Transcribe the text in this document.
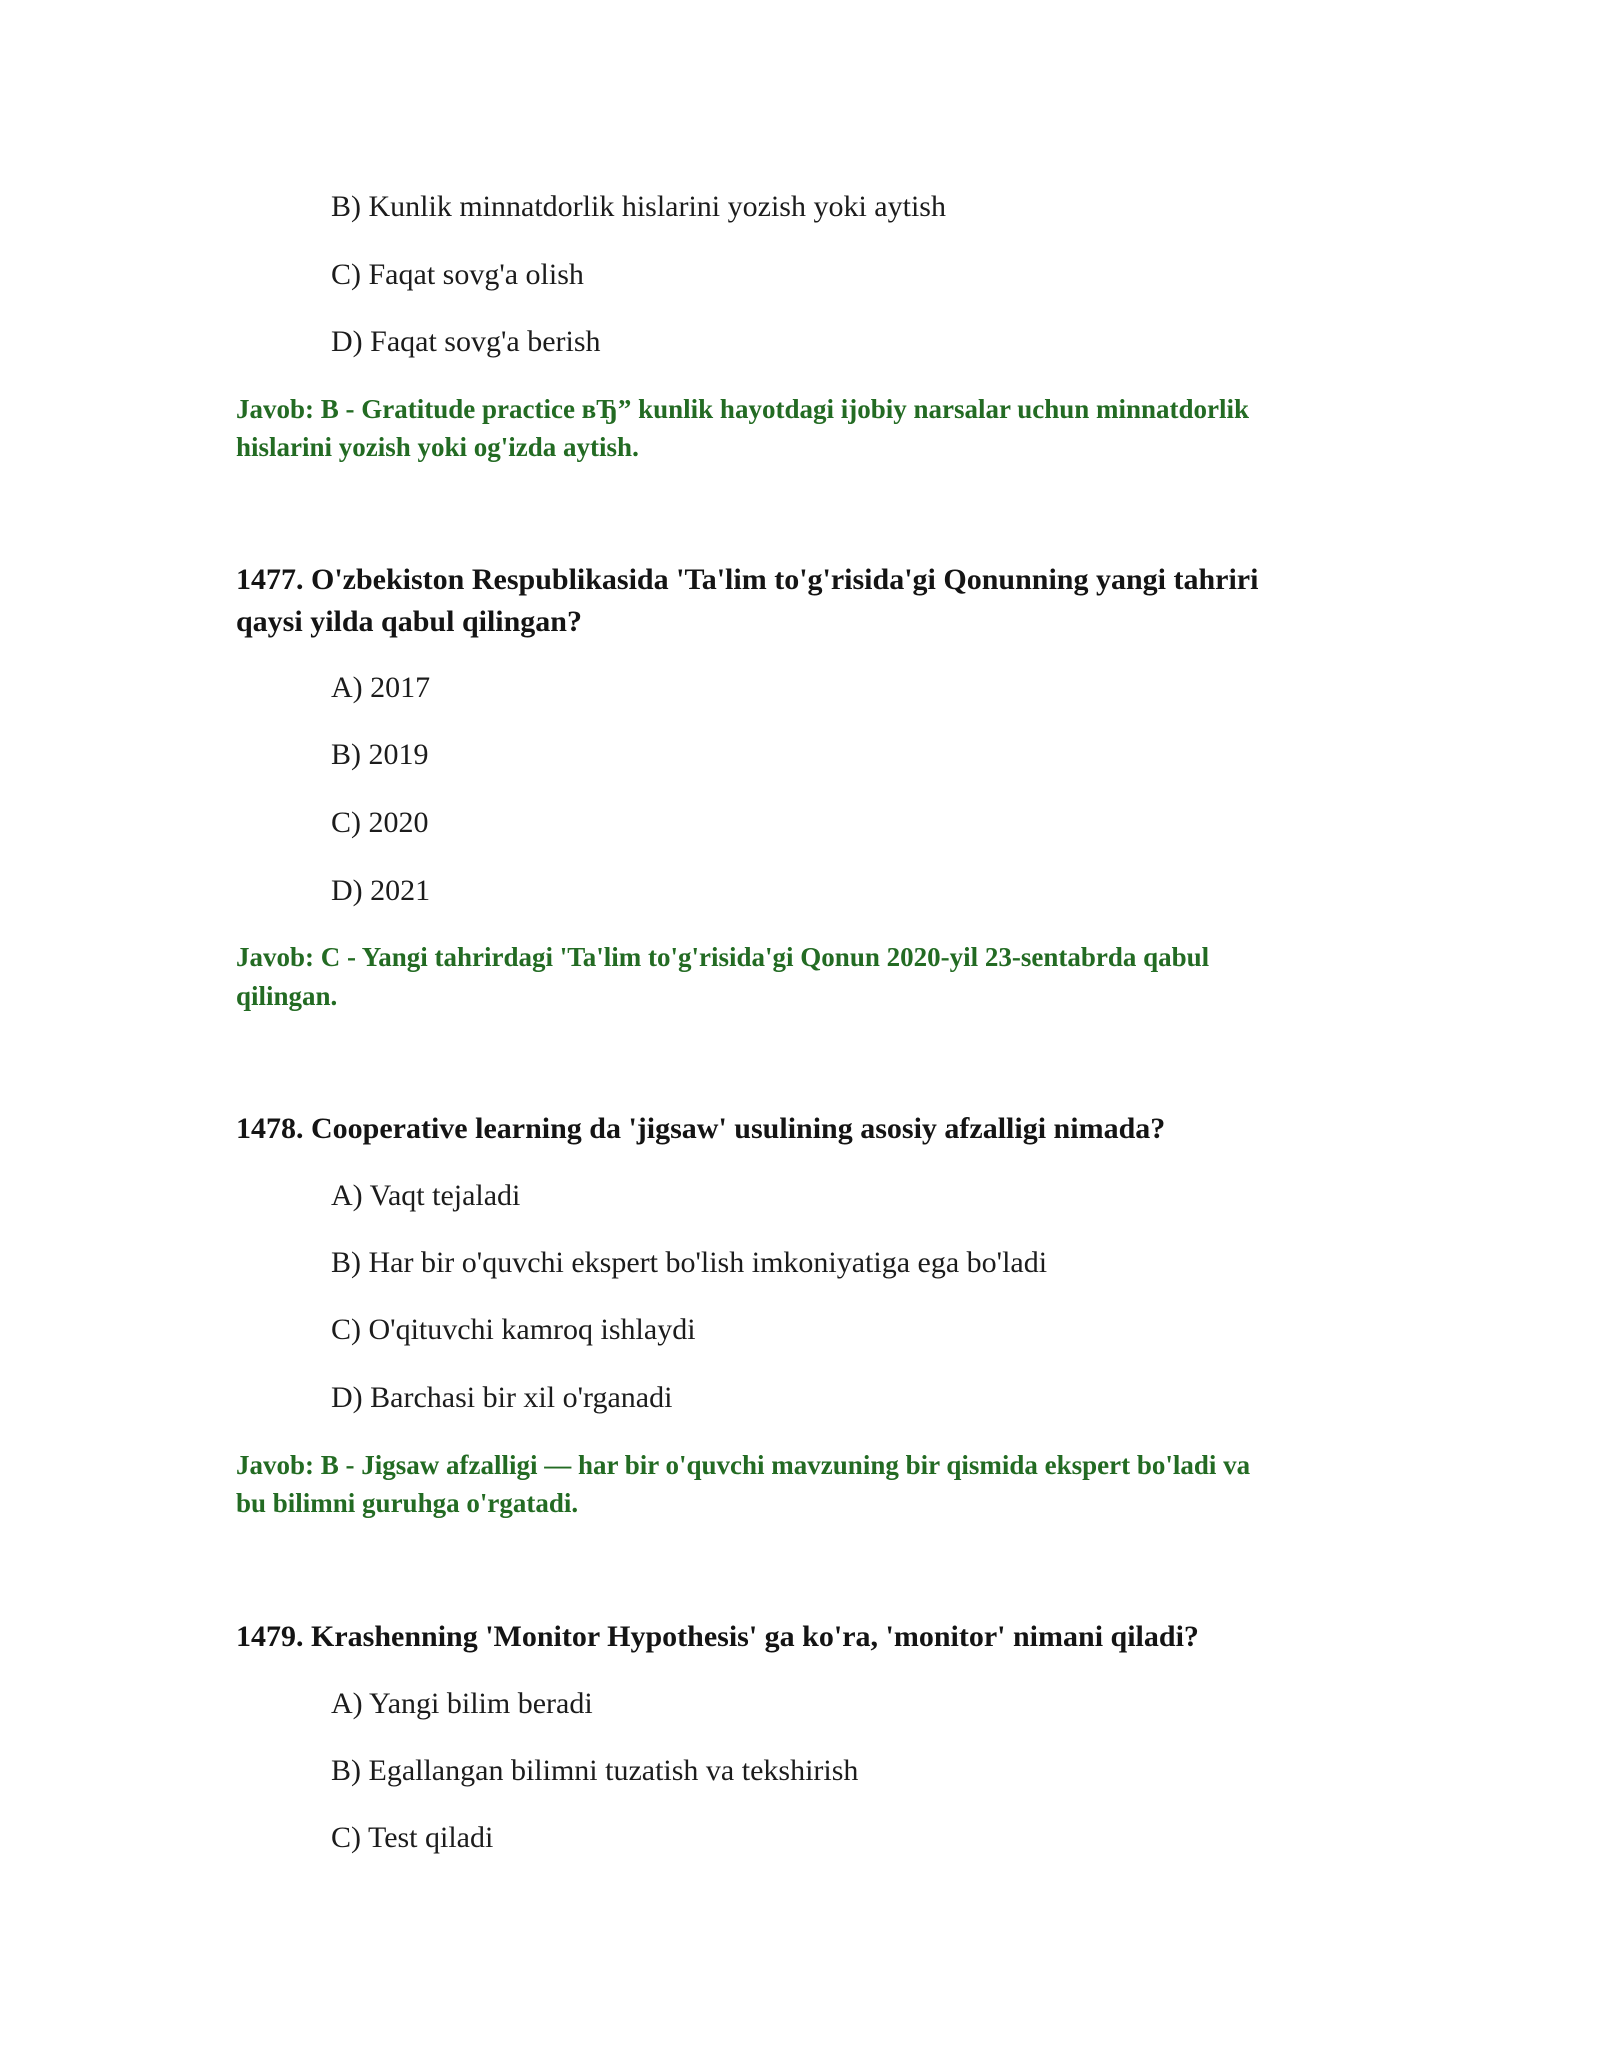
B) Kunlik minnatdorlik hislarini yozish yoki aytish
C) Faqat sovg'a olish
D) Faqat sovg'a berish
Javob: B - Gratitude practice вЂ” kunlik hayotdagi ijobiy narsalar uchun minnatdorlik
hislarini yozish yoki og'izda aytish.
1477. O'zbekiston Respublikasida 'Ta'lim to'g'risida'gi Qonunning yangi tahriri
qaysi yilda qabul qilingan?
A) 2017
B) 2019
C) 2020
D) 2021
Javob: C - Yangi tahrirdagi 'Ta'lim to'g'risida'gi Qonun 2020-yil 23-sentabrda qabul
qilingan.
1478. Cooperative learning da 'jigsaw' usulining asosiy afzalligi nimada?
A) Vaqt tejaladi
B) Har bir o'quvchi ekspert bo'lish imkoniyatiga ega bo'ladi
C) O'qituvchi kamroq ishlaydi
D) Barchasi bir xil o'rganadi
Javob: B - Jigsaw afzalligi — har bir o'quvchi mavzuning bir qismida ekspert bo'ladi va
bu bilimni guruhga o'rgatadi.
1479. Krashenning 'Monitor Hypothesis' ga ko'ra, 'monitor' nimani qiladi?
A) Yangi bilim beradi
B) Egallangan bilimni tuzatish va tekshirish
C) Test qiladi
